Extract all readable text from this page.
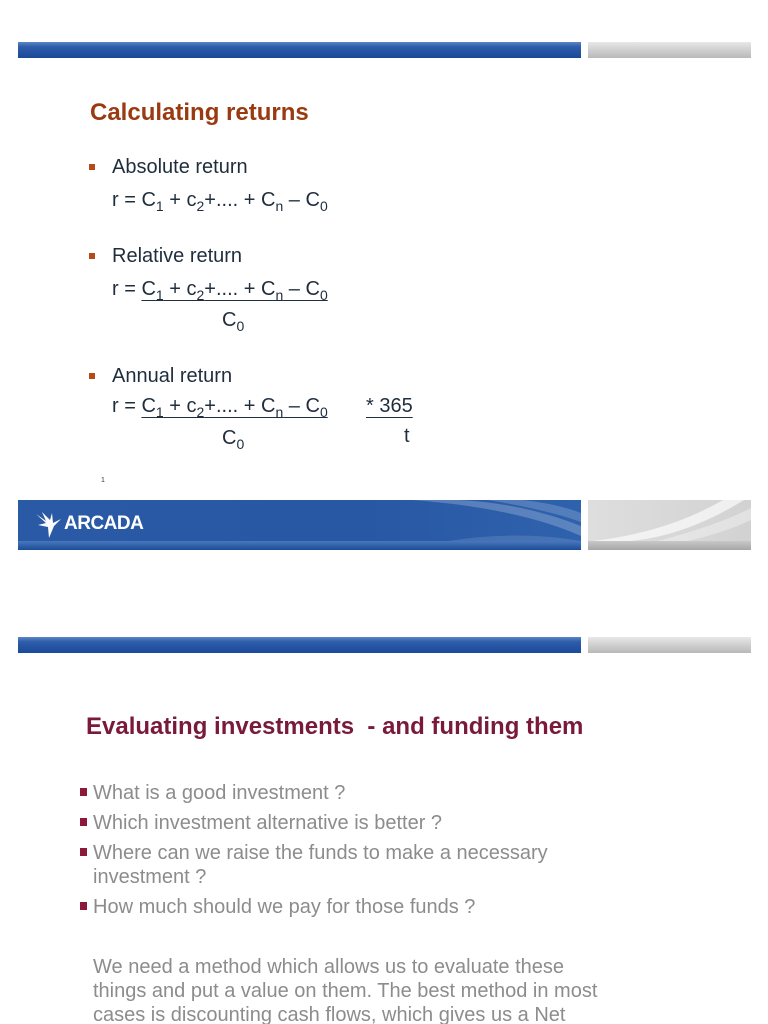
Calculating returns
Absolute return
$r = C_1 + c_2+$.... + $C_n - C_0$
Relative return
$r = C_1 + c_2+$.... + $C_n - C_0$
$C_0$
Annual return
$r = C_1 + c_2+$.... + $C_n - C_0 * 365$
$C_0$	t
1
ARCADA
Evaluating investments  - and funding them
What is a good investment ?
Which investment alternative is better ?
Where can we raise the funds to make a necessary
investment ?
How much should we pay for those funds ?
We need a method which allows us to evaluate these
things and put a value on them. The best method in most
cases is discounting cash flows, which gives us a Net
